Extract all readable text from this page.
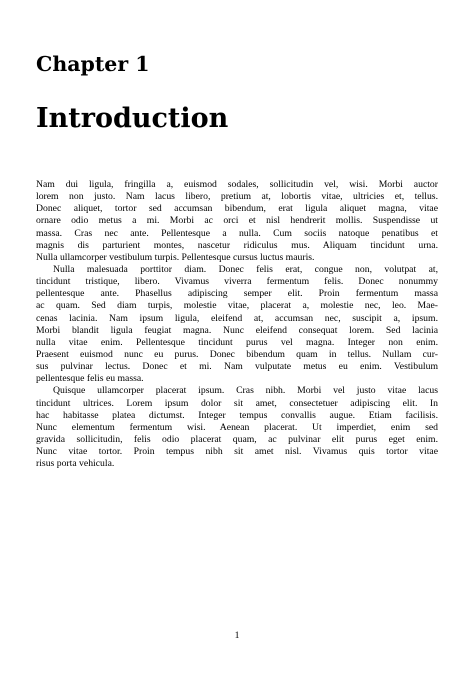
Chapter 1
Introduction
Nam dui ligula, fringilla a, euismod sodales, sollicitudin vel, wisi. Morbi auctor
lorem non justo. Nam lacus libero, pretium at, lobortis vitae, ultricies et, tellus.
Donec aliquet, tortor sed accumsan bibendum, erat ligula aliquet magna, vitae
ornare odio metus a mi. Morbi ac orci et nisl hendrerit mollis. Suspendisse ut
massa. Cras nec ante. Pellentesque a nulla. Cum sociis natoque penatibus et
magnis dis parturient montes, nascetur ridiculus mus. Aliquam tincidunt urna.
Nulla ullamcorper vestibulum turpis. Pellentesque cursus luctus mauris.
Nulla malesuada porttitor diam. Donec felis erat, congue non, volutpat at,
tincidunt tristique, libero. Vivamus viverra fermentum felis. Donec nonummy
pellentesque ante. Phasellus adipiscing semper elit. Proin fermentum massa
ac quam. Sed diam turpis, molestie vitae, placerat a, molestie nec, leo. Mae-
cenas lacinia. Nam ipsum ligula, eleifend at, accumsan nec, suscipit a, ipsum.
Morbi blandit ligula feugiat magna. Nunc eleifend consequat lorem. Sed lacinia
nulla vitae enim. Pellentesque tincidunt purus vel magna. Integer non enim.
Praesent euismod nunc eu purus. Donec bibendum quam in tellus. Nullam cur-
sus pulvinar lectus. Donec et mi. Nam vulputate metus eu enim. Vestibulum
pellentesque felis eu massa.
Quisque ullamcorper placerat ipsum. Cras nibh. Morbi vel justo vitae lacus
tincidunt ultrices. Lorem ipsum dolor sit amet, consectetuer adipiscing elit. In
hac habitasse platea dictumst. Integer tempus convallis augue. Etiam facilisis.
Nunc elementum fermentum wisi. Aenean placerat. Ut imperdiet, enim sed
gravida sollicitudin, felis odio placerat quam, ac pulvinar elit purus eget enim.
Nunc vitae tortor. Proin tempus nibh sit amet nisl. Vivamus quis tortor vitae
risus porta vehicula.
1
